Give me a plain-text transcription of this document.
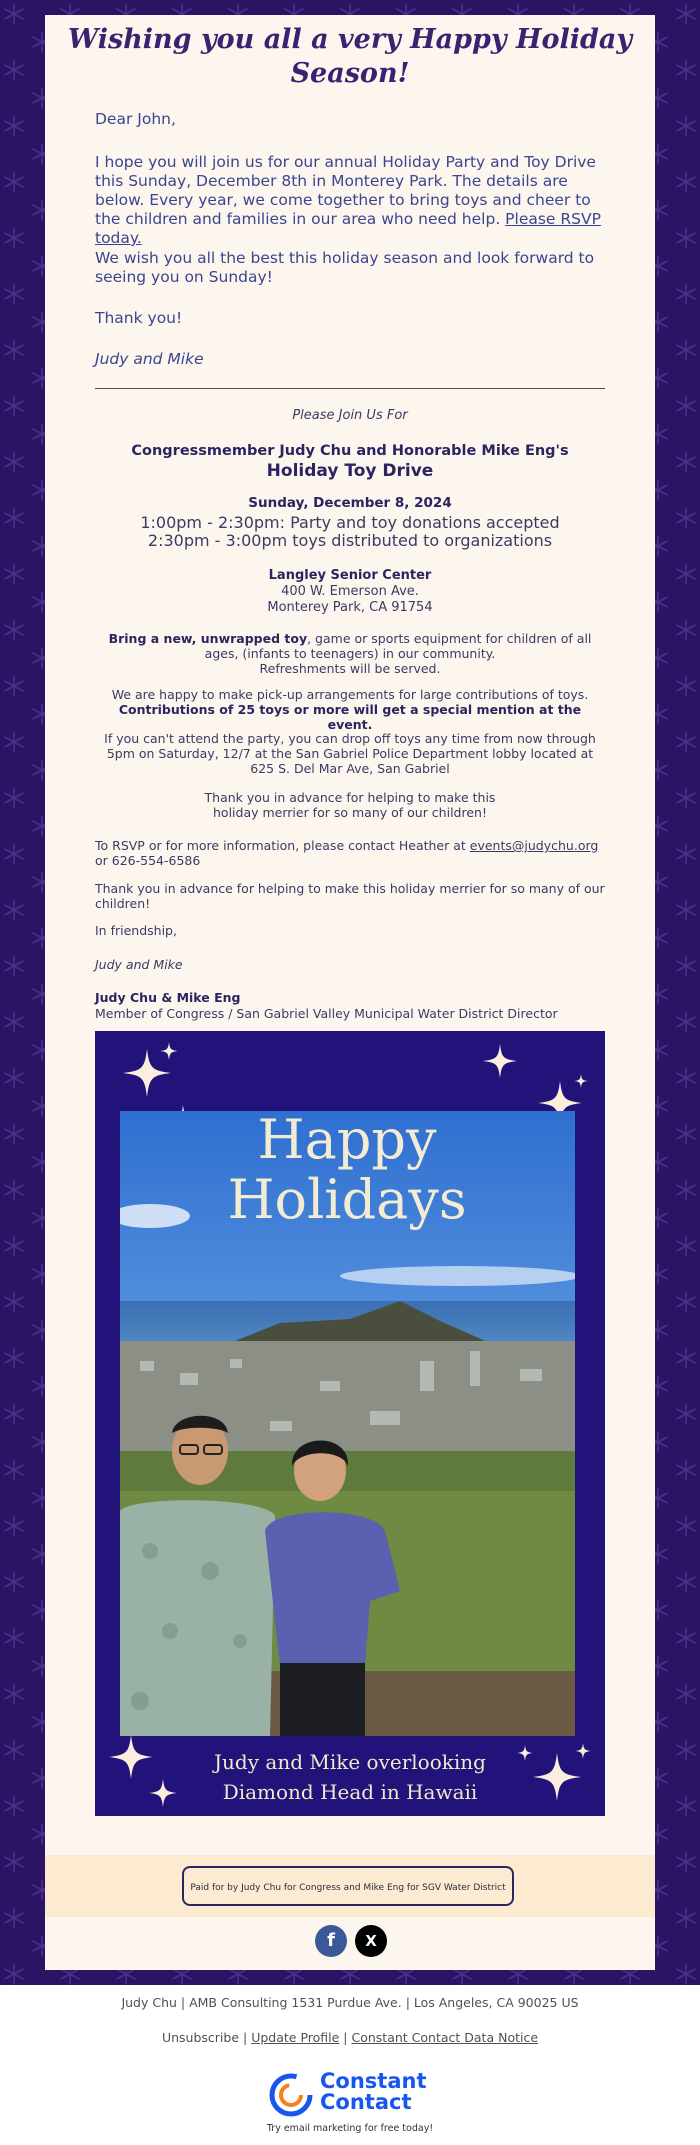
Wishing you all a very Happy Holiday Season!
Dear John,
I hope you will join us for our annual Holiday Party and Toy Drive this Sunday, December 8th in Monterey Park. The details are below. Every year, we come together to bring toys and cheer to the children and families in our area who need help. Please RSVP today.
We wish you all the best this holiday season and look forward to seeing you on Sunday!
Thank you!
Judy and Mike
Please Join Us For
Congressmember Judy Chu and Honorable Mike Eng's
Holiday Toy Drive
Sunday, December 8, 2024
1:00pm - 2:30pm: Party and toy donations accepted
2:30pm - 3:00pm toys distributed to organizations
Langley Senior Center
400 W. Emerson Ave.
Monterey Park, CA 91754
Bring a new, unwrapped toy, game or sports equipment for children of all ages, (infants to teenagers) in our community.
Refreshments will be served.
We are happy to make pick-up arrangements for large contributions of toys.
Contributions of 25 toys or more will get a special mention at the event.
If you can't attend the party, you can drop off toys any time from now through 5pm on Saturday, 12/7 at the San Gabriel Police Department lobby located at 625 S. Del Mar Ave, San Gabriel
Thank you in advance for helping to make this holiday merrier for so many of our children!
To RSVP or for more information, please contact Heather at events@judychu.org or 626-554-6586
Thank you in advance for helping to make this holiday merrier for so many of our children!
In friendship,
Judy and Mike
Judy Chu & Mike Eng
Member of Congress / San Gabriel Valley Municipal Water District Director
Happy
Holidays
Judy and Mike overlooking
Diamond Head in Hawaii
Paid for by Judy Chu for Congress and Mike Eng for SGV Water District
f	X
Judy Chu | AMB Consulting 1531 Purdue Ave. | Los Angeles, CA 90025 US
Unsubscribe | Update Profile | Constant Contact Data Notice
Constant
Contact
Try email marketing for free today!
